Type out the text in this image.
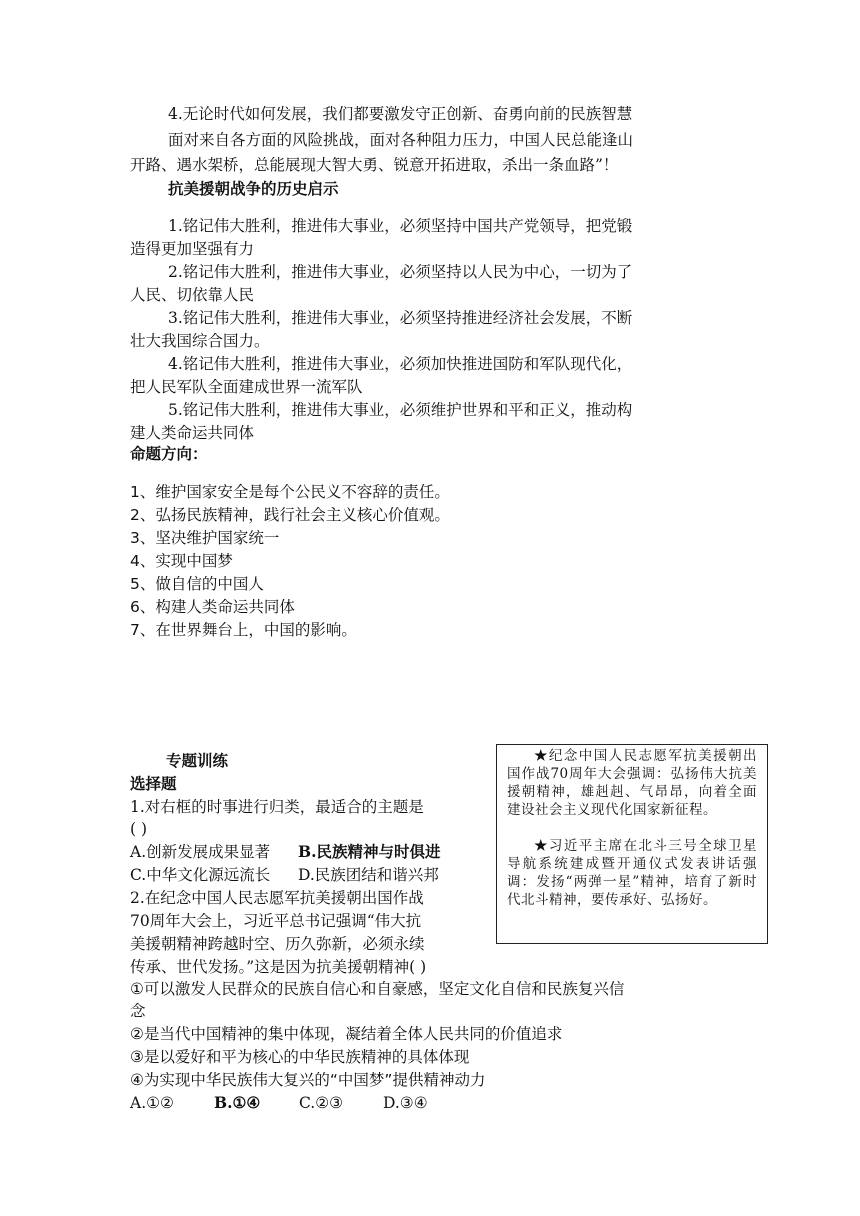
4.无论时代如何发展，我们都要激发守正创新、奋勇向前的民族智慧
面对来自各方面的风险挑战，面对各种阻力压力，中国人民总能逢山
开路、遇水架桥，总能展现大智大勇、锐意开拓进取，杀出一条血路”！
抗美援朝战争的历史启示
1.铭记伟大胜利，推进伟大事业，必须坚持中国共产党领导，把党锻
造得更加坚强有力
2.铭记伟大胜利，推进伟大事业，必须坚持以人民为中心，一切为了
人民、切依靠人民
3.铭记伟大胜利，推进伟大事业，必须坚持推进经济社会发展，不断
壮大我国综合国力。
4.铭记伟大胜利，推进伟大事业，必须加快推进国防和军队现代化，
把人民军队全面建成世界一流军队
5.铭记伟大胜利，推进伟大事业，必须维护世界和平和正义，推动构
建人类命运共同体
命题方向：
1、维护国家安全是每个公民义不容辞的责任。
2、弘扬民族精神，践行社会主义核心价值观。
3、坚决维护国家统一
4、实现中国梦
5、做自信的中国人
6、构建人类命运共同体
7、在世界舞台上，中国的影响。
专题训练
选择题
1.对右框的时事进行归类，最适合的主题是
( )
A.创新发展成果显著 B.民族精神与时俱进
C.中华文化源远流长 D.民族团结和谐兴邦
2.在纪念中国人民志愿军抗美援朝出国作战
70周年大会上，习近平总书记强调“伟大抗
美援朝精神跨越时空、历久弥新，必须永续
传承、世代发扬。”这是因为抗美援朝精神( )
①可以激发人民群众的民族自信心和自豪感，坚定文化自信和民族复兴信
念
②是当代中国精神的集中体现，凝结着全体人民共同的价值追求
③是以爱好和平为核心的中华民族精神的具体体现
④为实现中华民族伟大复兴的“中国梦”提供精神动力
A.①②	B.①④ C.②③	D.③④

★纪念中国人民志愿军抗美援朝出国作战70周年大会强调：弘扬伟大抗美援朝精神，雄赳赳、气昂昂，向着全面建设社会主义现代化国家新征程。

★习近平主席在北斗三号全球卫星导航系统建成暨开通仪式发表讲话强调：发扬“两弹一星”精神，培育了新时代北斗精神，要传承好、弘扬好。
